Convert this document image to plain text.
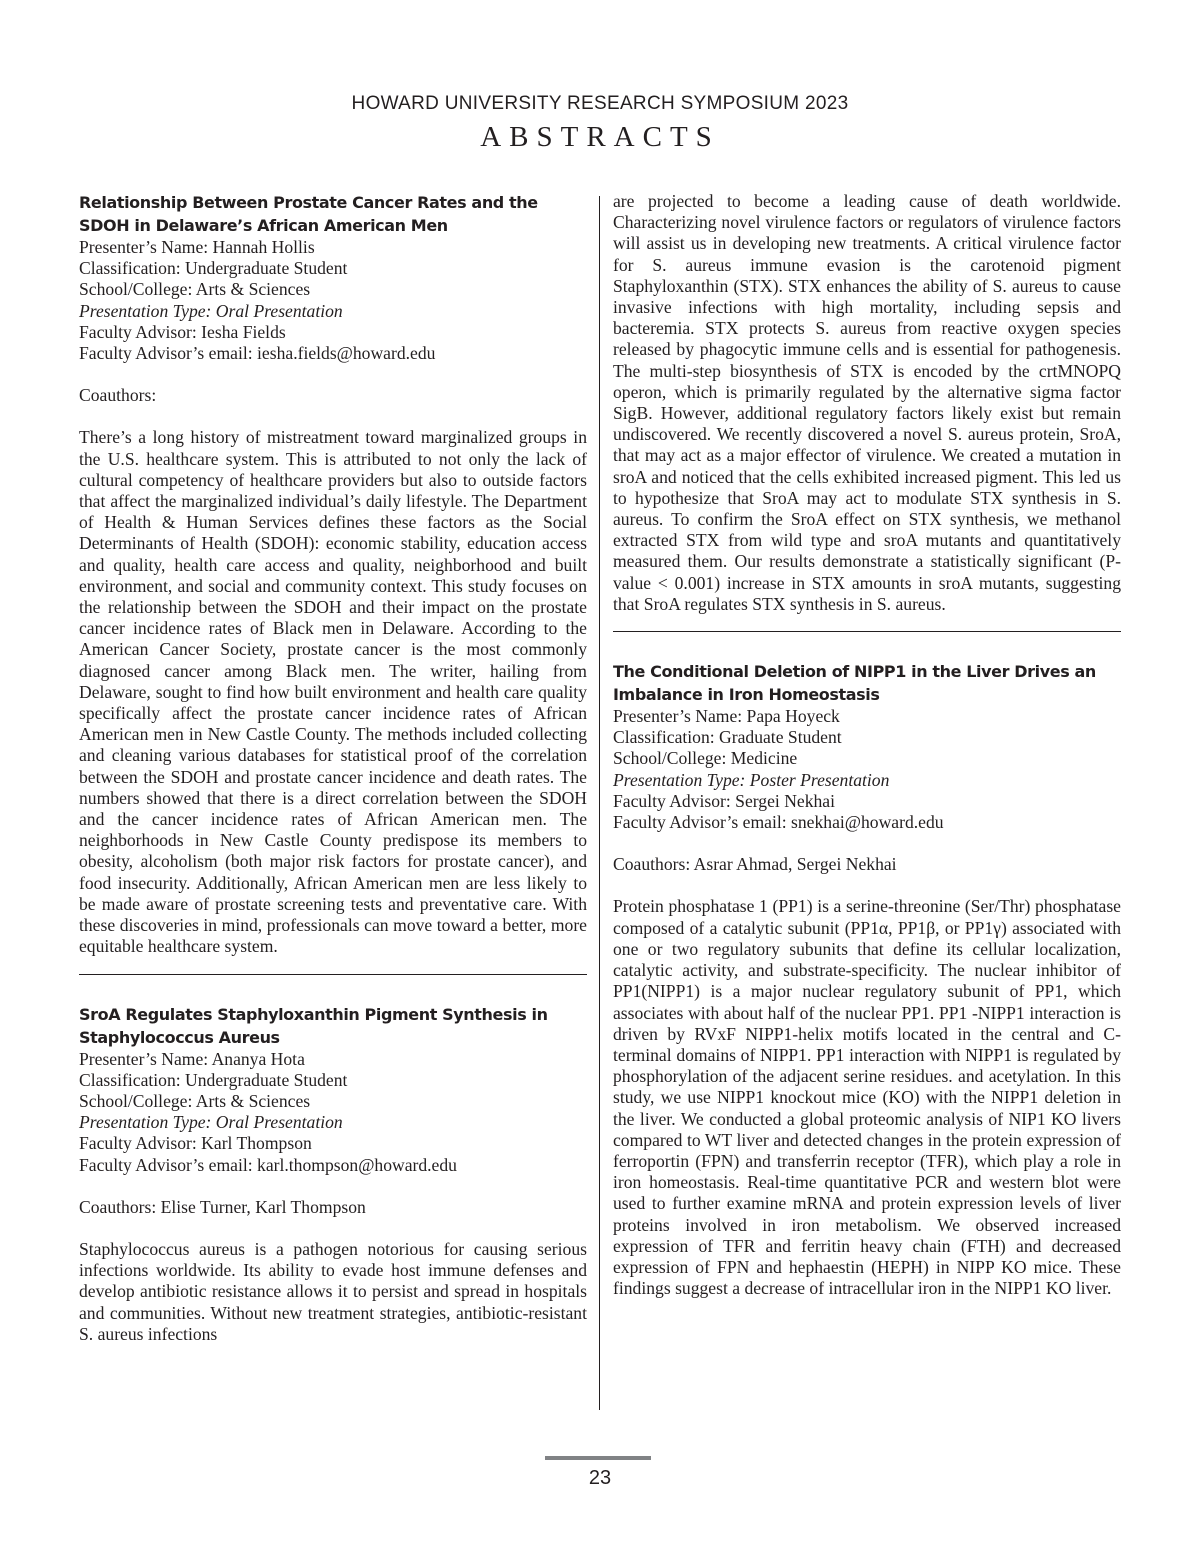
HOWARD UNIVERSITY RESEARCH SYMPOSIUM 2023
ABSTRACTS
Relationship Between Prostate Cancer Rates and the SDOH in Delaware’s African American Men

Presenter’s Name: Hannah Hollis

Classification: Undergraduate Student

School/College: Arts & Sciences

Presentation Type: Oral Presentation

Faculty Advisor: Iesha Fields

Faculty Advisor’s email: iesha.fields@howard.edu

Coauthors:

There’s a long history of mistreatment toward marginalized groups in the U.S. healthcare system. This is attributed to not only the lack of cultural competency of healthcare providers but also to outside factors that affect the marginalized individual’s daily lifestyle. The Department of Health & Human Services defines these factors as the Social Determinants of Health (SDOH): economic stability, education access and quality, health care access and quality, neighborhood and built environment, and social and community context. This study focuses on the relationship between the SDOH and their impact on the prostate cancer incidence rates of Black men in Delaware. According to the American Cancer Society, prostate cancer is the most commonly diagnosed cancer among Black men. The writer, hailing from Delaware, sought to find how built environment and health care quality specifically affect the prostate cancer incidence rates of African American men in New Castle County. The methods included collecting and cleaning various databases for statistical proof of the correlation between the SDOH and prostate cancer incidence and death rates. The numbers showed that there is a direct correlation between the SDOH and the cancer incidence rates of African American men. The neighborhoods in New Castle County predispose its members to obesity, alcoholism (both major risk factors for prostate cancer), and food insecurity. Additionally, African American men are less likely to be made aware of prostate screening tests and preventative care. With these discoveries in mind, professionals can move toward a better, more equitable healthcare system.

SroA Regulates Staphyloxanthin Pigment Synthesis in Staphylococcus Aureus

Presenter’s Name: Ananya Hota

Classification: Undergraduate Student

School/College: Arts & Sciences

Presentation Type: Oral Presentation

Faculty Advisor: Karl Thompson

Faculty Advisor’s email: karl.thompson@howard.edu

Coauthors: Elise Turner, Karl Thompson

Staphylococcus aureus is a pathogen notorious for causing serious infections worldwide. Its ability to evade host immune defenses and develop antibiotic resistance allows it to persist and spread in hospitals and communities. Without new treatment strategies, antibiotic-resistant S. aureus infections

are projected to become a leading cause of death worldwide. Characterizing novel virulence factors or regulators of virulence factors will assist us in developing new treatments. A critical virulence factor for S. aureus immune evasion is the carotenoid pigment Staphyloxanthin (STX). STX enhances the ability of S. aureus to cause invasive infections with high mortality, including sepsis and bacteremia. STX protects S. aureus from reactive oxygen species released by phagocytic immune cells and is essential for pathogenesis. The multi-step biosynthesis of STX is encoded by the crtMNOPQ operon, which is primarily regulated by the alternative sigma factor SigB. However, additional regulatory factors likely exist but remain undiscovered. We recently discovered a novel S. aureus protein, SroA, that may act as a major effector of virulence. We created a mutation in sroA and noticed that the cells exhibited increased pigment. This led us to hypothesize that SroA may act to modulate STX synthesis in S. aureus. To confirm the SroA effect on STX synthesis, we methanol extracted STX from wild type and sroA mutants and quantitatively measured them. Our results demonstrate a statistically significant (P-value < 0.001) increase in STX amounts in sroA mutants, suggesting that SroA regulates STX synthesis in S. aureus.

The Conditional Deletion of NIPP1 in the Liver Drives an Imbalance in Iron Homeostasis

Presenter’s Name: Papa Hoyeck

Classification: Graduate Student

School/College: Medicine

Presentation Type: Poster Presentation

Faculty Advisor: Sergei Nekhai

Faculty Advisor’s email: snekhai@howard.edu

Coauthors: Asrar Ahmad, Sergei Nekhai

Protein phosphatase 1 (PP1) is a serine-threonine (Ser/Thr) phosphatase composed of a catalytic subunit (PP1α, PP1β, or PP1γ) associated with one or two regulatory subunits that define its cellular localization, catalytic activity, and substrate-specificity. The nuclear inhibitor of PP1(NIPP1) is a major nuclear regulatory subunit of PP1, which associates with about half of the nuclear PP1. PP1 -NIPP1 interaction is driven by RVxF NIPP1-helix motifs located in the central and C-terminal domains of NIPP1. PP1 interaction with NIPP1 is regulated by phosphorylation of the adjacent serine residues. and acetylation. In this study, we use NIPP1 knockout mice (KO) with the NIPP1 deletion in the liver. We conducted a global proteomic analysis of NIP1 KO livers compared to WT liver and detected changes in the protein expression of ferroportin (FPN) and transferrin receptor (TFR), which play a role in iron homeostasis. Real-time quantitative PCR and western blot were used to further examine mRNA and protein expression levels of liver proteins involved in iron metabolism. We observed increased expression of TFR and ferritin heavy chain (FTH) and decreased expression of FPN and hephaestin (HEPH) in NIPP KO mice. These findings suggest a decrease of intracellular iron in the NIPP1 KO liver.

23
